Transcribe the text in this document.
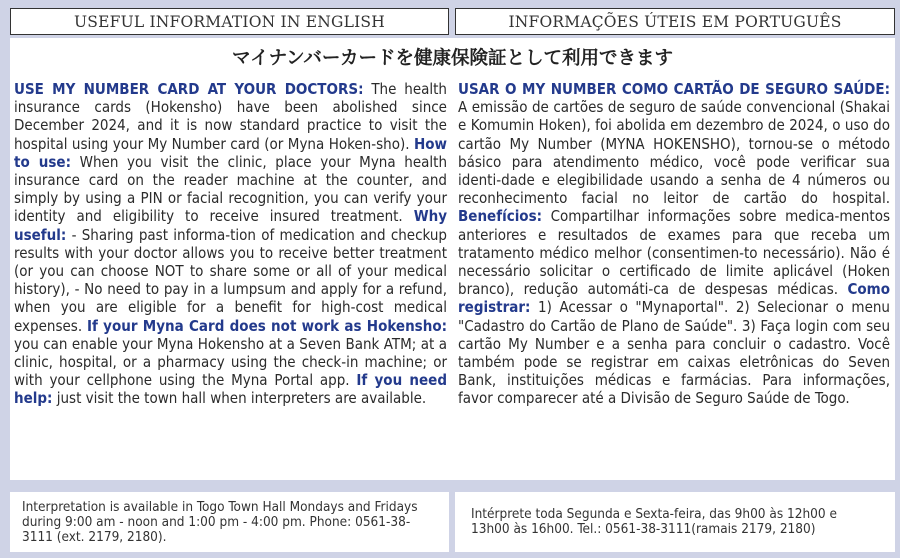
USEFUL INFORMATION IN ENGLISH	INFORMAÇÕES ÚTEIS EM PORTUGUÊS
マイナンバーカードを健康保険証として利用できます
USE MY NUMBER CARD AT YOUR DOCTORS: The health insurance cards (Hokensho) have been abolished since December 2024, and it is now standard practice to visit the hospital using your My Number card (or Myna Hoken-sho). How to use: When you visit the clinic, place your Myna health insurance card on the reader machine at the counter, and simply by using a PIN or facial recognition, you can verify your identity and eligibility to receive insured treatment. Why useful: - Sharing past informa-tion of medication and checkup results with your doctor allows you to receive better treatment (or you can choose NOT to share some or all of your medical history), - No need to pay in a lumpsum and apply for a refund, when you are eligible for a benefit for high-cost medical expenses. If your Myna Card does not work as Hokensho: you can enable your Myna Hokensho at a Seven Bank ATM; at a clinic, hospital, or a pharmacy using the check-in machine; or with your cellphone using the Myna Portal app. If you need help: just visit the town hall when interpreters are available.
USAR O MY NUMBER COMO CARTÃO DE SEGURO SAÚDE: A emissão de cartões de seguro de saúde convencional (Shakai e Komumin Hoken), foi abolida em dezembro de 2024, o uso do cartão My Number (MYNA HOKENSHO), tornou-se o método básico para atendimento médico, você pode verificar sua identi-dade e elegibilidade usando a senha de 4 números ou reconhecimento facial no leitor de cartão do hospital. Benefícios: Compartilhar informações sobre medica-mentos anteriores e resultados de exames para que receba um tratamento médico melhor (consentimen-to necessário). Não é necessário solicitar o certificado de limite aplicável (Hoken branco), redução automáti-ca de despesas médicas. Como registrar: 1) Acessar o "Mynaportal". 2) Selecionar o menu "Cadastro do Cartão de Plano de Saúde". 3) Faça login com seu cartão My Number e a senha para concluir o cadastro. Você também pode se registrar em caixas eletrônicas do Seven Bank, instituições médicas e farmácias. Para informações, favor comparecer até a Divisão de Seguro Saúde de Togo.
Interpretation is available in Togo Town Hall Mondays and Fridays during 9:00 am - noon and 1:00 pm - 4:00 pm. Phone: 0561-38-3111 (ext. 2179, 2180).
Intérprete toda Segunda e Sexta-feira, das 9h00 às 12h00 e 13h00 às 16h00. Tel.: 0561-38-3111(ramais 2179, 2180)
